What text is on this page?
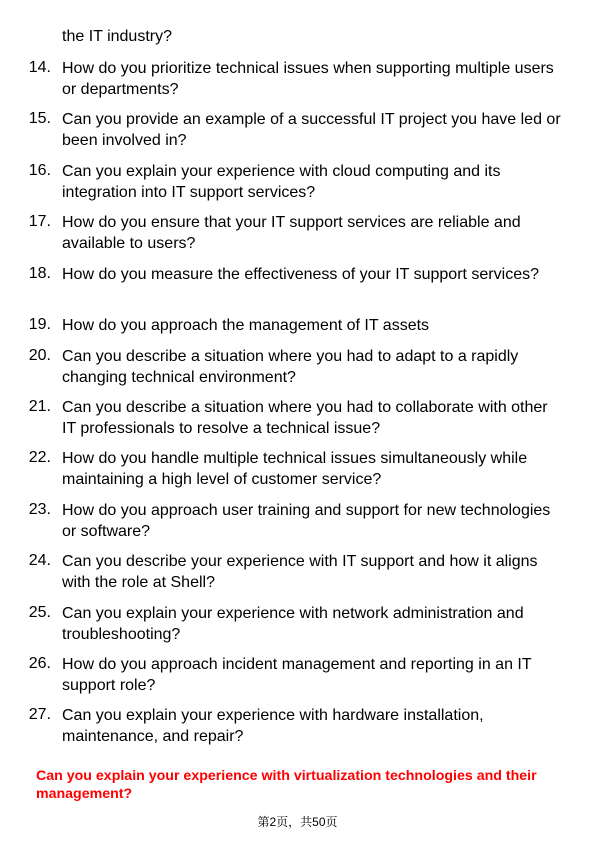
the IT industry?
14. How do you prioritize technical issues when supporting multiple users or departments?
15. Can you provide an example of a successful IT project you have led or been involved in?
16. Can you explain your experience with cloud computing and its integration into IT support services?
17. How do you ensure that your IT support services are reliable and available to users?
18. How do you measure the effectiveness of your IT support services?
19. How do you approach the management of IT assets
20. Can you describe a situation where you had to adapt to a rapidly changing technical environment?
21. Can you describe a situation where you had to collaborate with other IT professionals to resolve a technical issue?
22. How do you handle multiple technical issues simultaneously while maintaining a high level of customer service?
23. How do you approach user training and support for new technologies or software?
24. Can you describe your experience with IT support and how it aligns with the role at Shell?
25. Can you explain your experience with network administration and troubleshooting?
26. How do you approach incident management and reporting in an IT support role?
27. Can you explain your experience with hardware installation, maintenance, and repair?
Can you explain your experience with virtualization technologies and their management?
第2页，共50页
